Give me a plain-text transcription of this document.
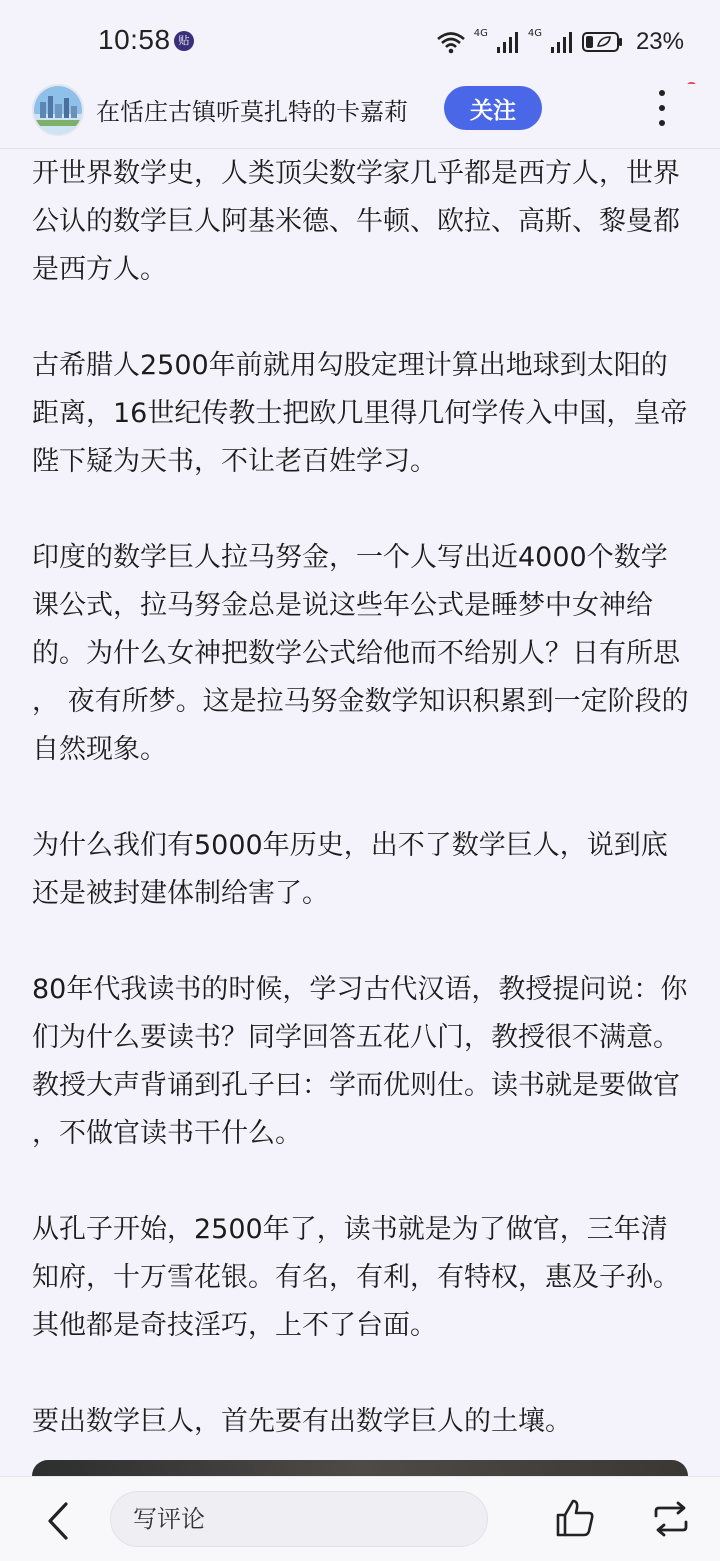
10:58 贴
4G	4G	23%
在恬庄古镇听莫扎特的卡嘉莉	关注

开世界数学史，人类顶尖数学家几乎都是西方人，世界公认的数学巨人阿基米德、牛顿、欧拉、高斯、黎曼都是西方人。

古希腊人2500年前就用勾股定理计算出地球到太阳的距离，16世纪传教士把欧几里得几何学传入中国，皇帝陛下疑为天书，不让老百姓学习。

印度的数学巨人拉马努金，一个人写出近4000个数学课公式，拉马努金总是说这些年公式是睡梦中女神给的。为什么女神把数学公式给他而不给别人？日有所思 ， 夜有所梦。这是拉马努金数学知识积累到一定阶段的自然现象。

为什么我们有5000年历史，出不了数学巨人，说到底还是被封建体制给害了。

80年代我读书的时候，学习古代汉语，教授提问说：你们为什么要读书？同学回答五花八门，教授很不满意。教授大声背诵到孔子曰：学而优则仕。读书就是要做官 ，不做官读书干什么。

从孔子开始，2500年了，读书就是为了做官，三年清知府，十万雪花银。有名，有利，有特权，惠及子孙。其他都是奇技淫巧，上不了台面。

要出数学巨人，首先要有出数学巨人的土壤。

写评论
